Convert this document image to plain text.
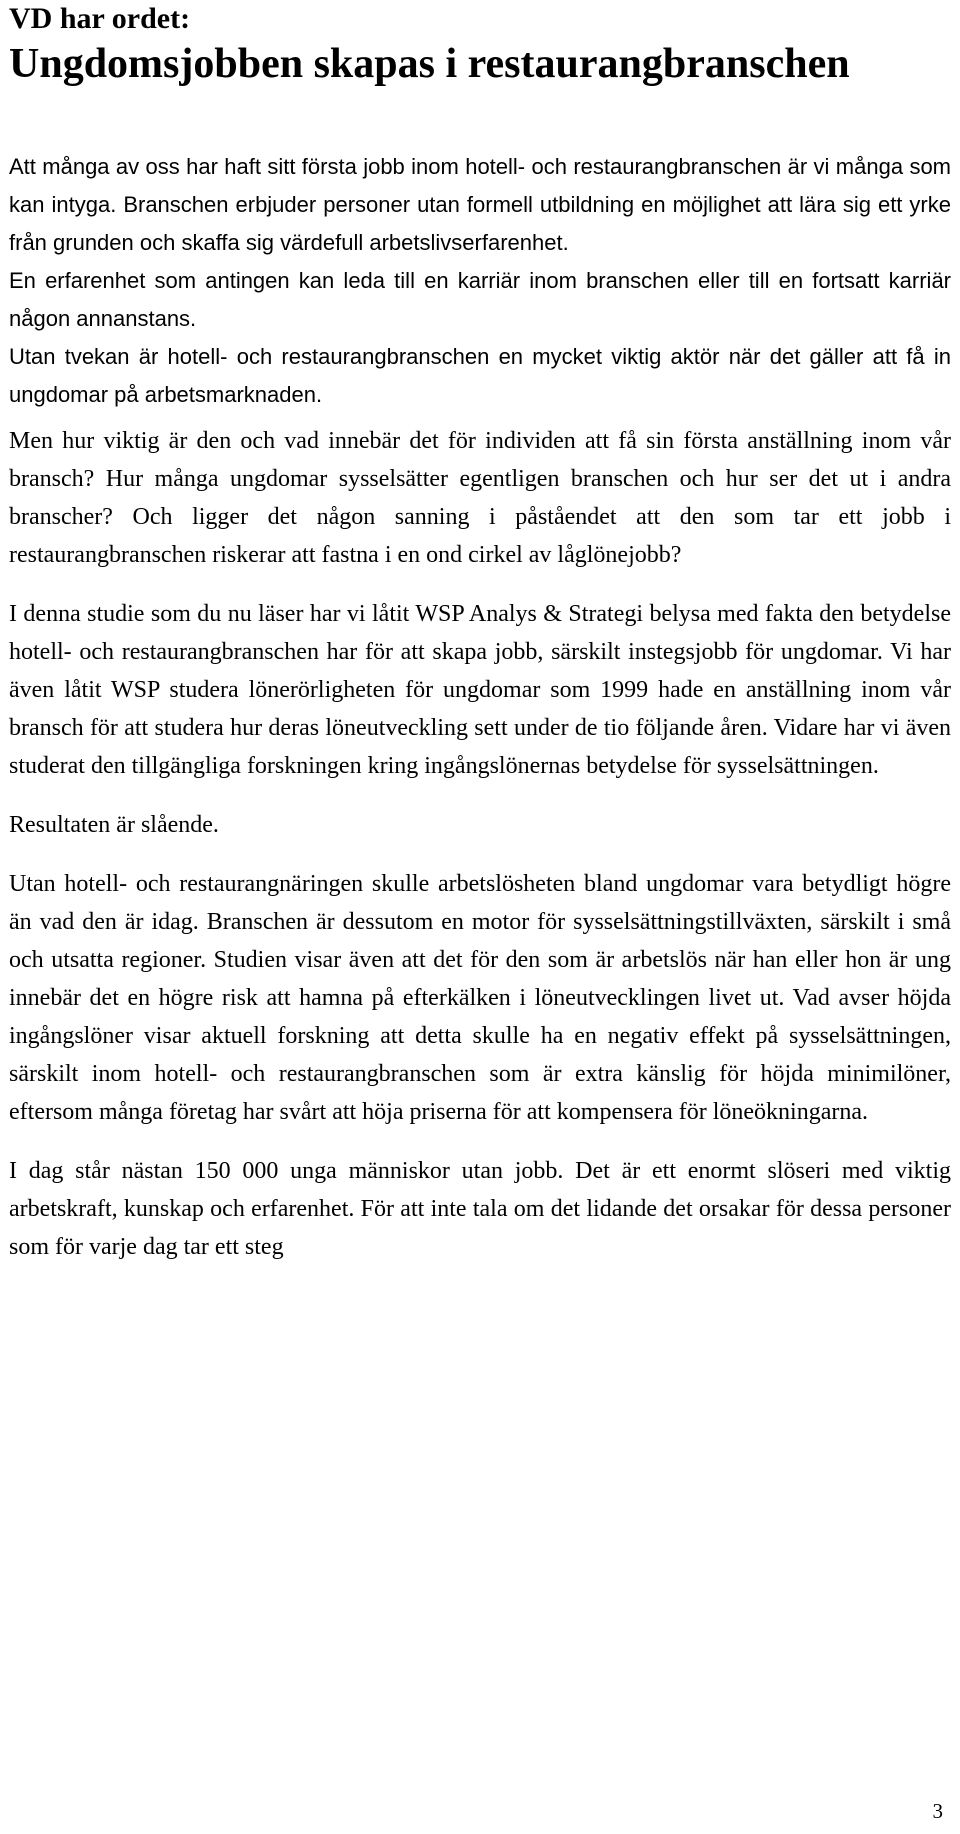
VD har ordet:
Ungdomsjobben skapas i restaurangbranschen

Att många av oss har haft sitt första jobb inom hotell- och restaurangbranschen är vi många som kan intyga. Branschen erbjuder personer utan formell utbildning en möjlighet att lära sig ett yrke från grunden och skaffa sig värdefull arbetslivserfarenhet.

En erfarenhet som antingen kan leda till en karriär inom branschen eller till en fortsatt karriär någon annanstans.

Utan tvekan är hotell- och restaurangbranschen en mycket viktig aktör när det gäller att få in ungdomar på arbetsmarknaden.

Men hur viktig är den och vad innebär det för individen att få sin första anställning inom vår bransch? Hur många ungdomar sysselsätter egentligen branschen och hur ser det ut i andra branscher? Och ligger det någon sanning i påståendet att den som tar ett jobb i restaurangbranschen riskerar att fastna i en ond cirkel av låglönejobb?

I denna studie som du nu läser har vi låtit WSP Analys & Strategi belysa med fakta den betydelse hotell- och restaurangbranschen har för att skapa jobb, särskilt instegsjobb för ungdomar. Vi har även låtit WSP studera lönerörligheten för ungdomar som 1999 hade en anställning inom vår bransch för att studera hur deras löneutveckling sett under de tio följande åren. Vidare har vi även studerat den tillgängliga forskningen kring ingångslönernas betydelse för sysselsättningen.

Resultaten är slående.

Utan hotell- och restaurangnäringen skulle arbetslösheten bland ungdomar vara betydligt högre än vad den är idag. Branschen är dessutom en motor för sysselsättningstillväxten, särskilt i små och utsatta regioner. Studien visar även att det för den som är arbetslös när han eller hon är ung innebär det en högre risk att hamna på efterkälken i löneutvecklingen livet ut. Vad avser höjda ingångslöner visar aktuell forskning att detta skulle ha en negativ effekt på sysselsättningen, särskilt inom hotell- och restaurangbranschen som är extra känslig för höjda minimilöner, eftersom många företag har svårt att höja priserna för att kompensera för löneökningarna.

I dag står nästan 150 000 unga människor utan jobb. Det är ett enormt slöseri med viktig arbetskraft, kunskap och erfarenhet. För att inte tala om det lidande det orsakar för dessa personer som för varje dag tar ett steg

3
